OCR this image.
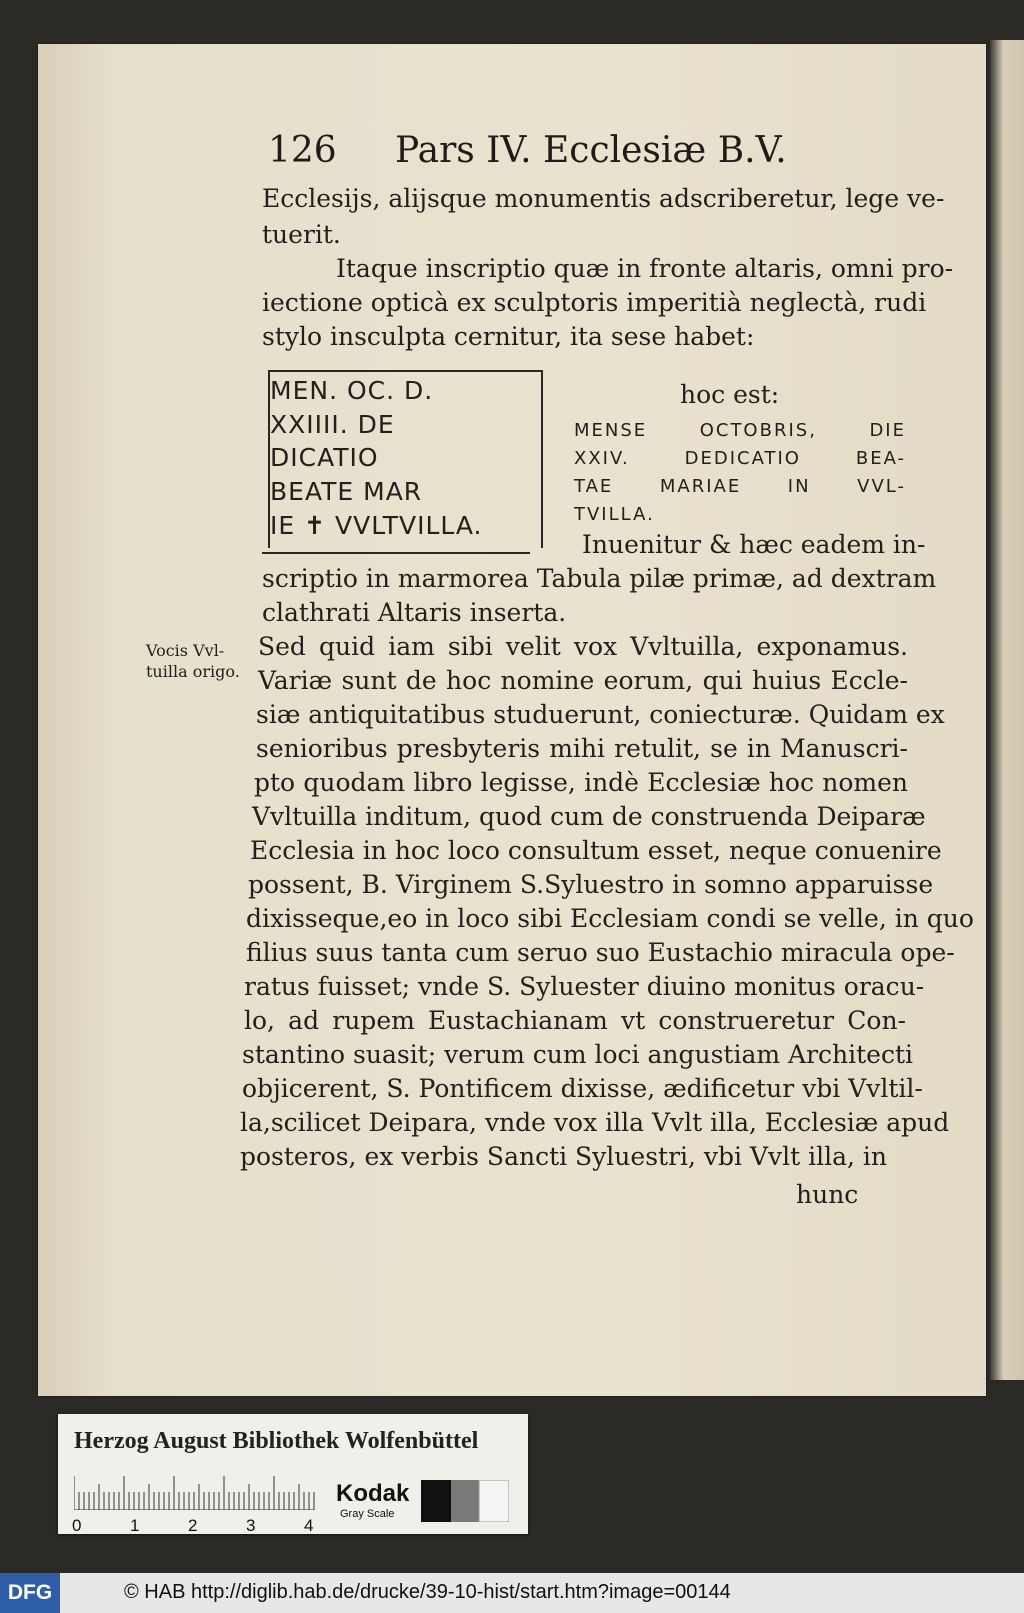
126 Pars IV. Ecclesiæ B.V.
Ecclesijs, alijsque monumentis adscriberetur, lege ve-
tuerit.
Itaque inscriptio quæ in fronte altaris, omni pro-
iectione opticà ex sculptoris imperitià neglectà, rudi
stylo insculpta cernitur, ita sese habet:
MEN. OC. D.
XXIIII. DE
DICATIO
BEATE MAR
IE ✝ VVLTVILLA.
hoc est:
MENSE OCTOBRIS, DIE
XXIV. DEDICATIO BEA-
TAE MARIAE IN VVL-
TVILLA.
Inuenitur & hæc eadem in-
scriptio in marmorea Tabula pilæ primæ, ad dextram
clathrati Altaris inserta.
Vocis Vvl-
tuilla origo.
Sed quid iam sibi velit vox Vvltuilla, exponamus.
Variæ sunt de hoc nomine eorum, qui huius Eccle-
siæ antiquitatibus studuerunt, coniecturæ. Quidam ex
senioribus presbyteris mihi retulit, se in Manuscri-
pto quodam libro legisse, indè Ecclesiæ hoc nomen
Vvltuilla inditum, quod cum de construenda Deiparæ
Ecclesia in hoc loco consultum esset, neque conuenire
possent, B. Virginem S.Syluestro in somno apparuisse
dixisseque,eo in loco sibi Ecclesiam condi se velle, in quo
filius suus tanta cum seruo suo Eustachio miracula ope-
ratus fuisset; vnde S. Syluester diuino monitus oracu-
lo, ad rupem Eustachianam vt construeretur Con-
stantino suasit; verum cum loci angustiam Architecti
objicerent, S. Pontificem dixisse, ædificetur vbi Vvltil-
la,scilicet Deipara, vnde vox illa Vvlt illa, Ecclesiæ apud
posteros, ex verbis Sancti Syluestri, vbi Vvlt illa, in
hunc
Herzog August Bibliothek Wolfenbüttel
0	1	2	3	4
Kodak
Gray Scale
DFG	© HAB http://diglib.hab.de/drucke/39-10-hist/start.htm?image=00144
